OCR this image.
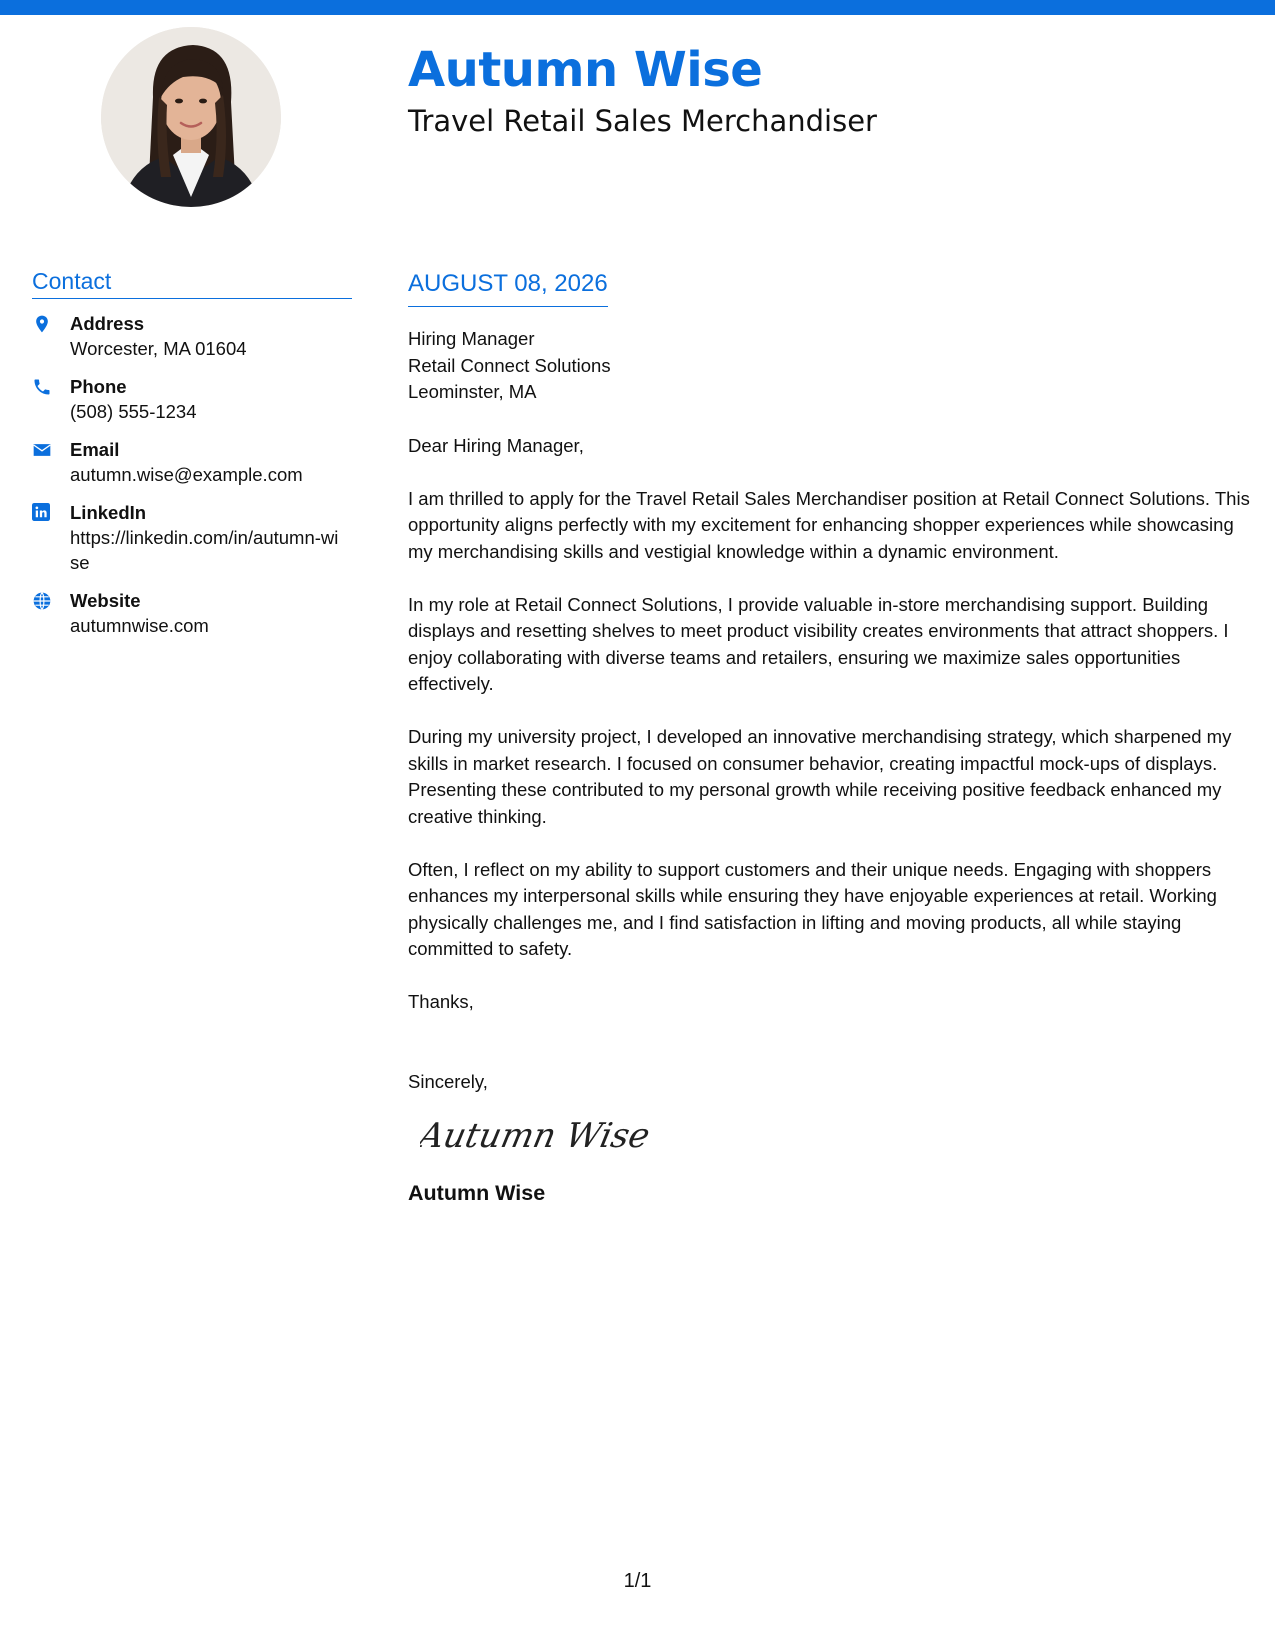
Autumn Wise
Travel Retail Sales Merchandiser
Contact
Address
Worcester, MA 01604
Phone
(508) 555-1234
Email
autumn.wise@example.com
LinkedIn
https://linkedin.com/in/autumn-wise
Website
autumnwise.com
AUGUST 08, 2026
Hiring Manager
Retail Connect Solutions
Leominster, MA

Dear Hiring Manager,

I am thrilled to apply for the Travel Retail Sales Merchandiser position at Retail Connect Solutions. This opportunity aligns perfectly with my excitement for enhancing shopper experiences while showcasing my merchandising skills and vestigial knowledge within a dynamic environment.

In my role at Retail Connect Solutions, I provide valuable in-store merchandising support. Building displays and resetting shelves to meet product visibility creates environments that attract shoppers. I enjoy collaborating with diverse teams and retailers, ensuring we maximize sales opportunities effectively.

During my university project, I developed an innovative merchandising strategy, which sharpened my skills in market research. I focused on consumer behavior, creating impactful mock-ups of displays. Presenting these contributed to my personal growth while receiving positive feedback enhanced my creative thinking.

Often, I reflect on my ability to support customers and their unique needs. Engaging with shoppers enhances my interpersonal skills while ensuring they have enjoyable experiences at retail. Working physically challenges me, and I find satisfaction in lifting and moving products, all while staying committed to safety.

Thanks,

Sincerely,

Autumn Wise
Autumn Wise
1/1
